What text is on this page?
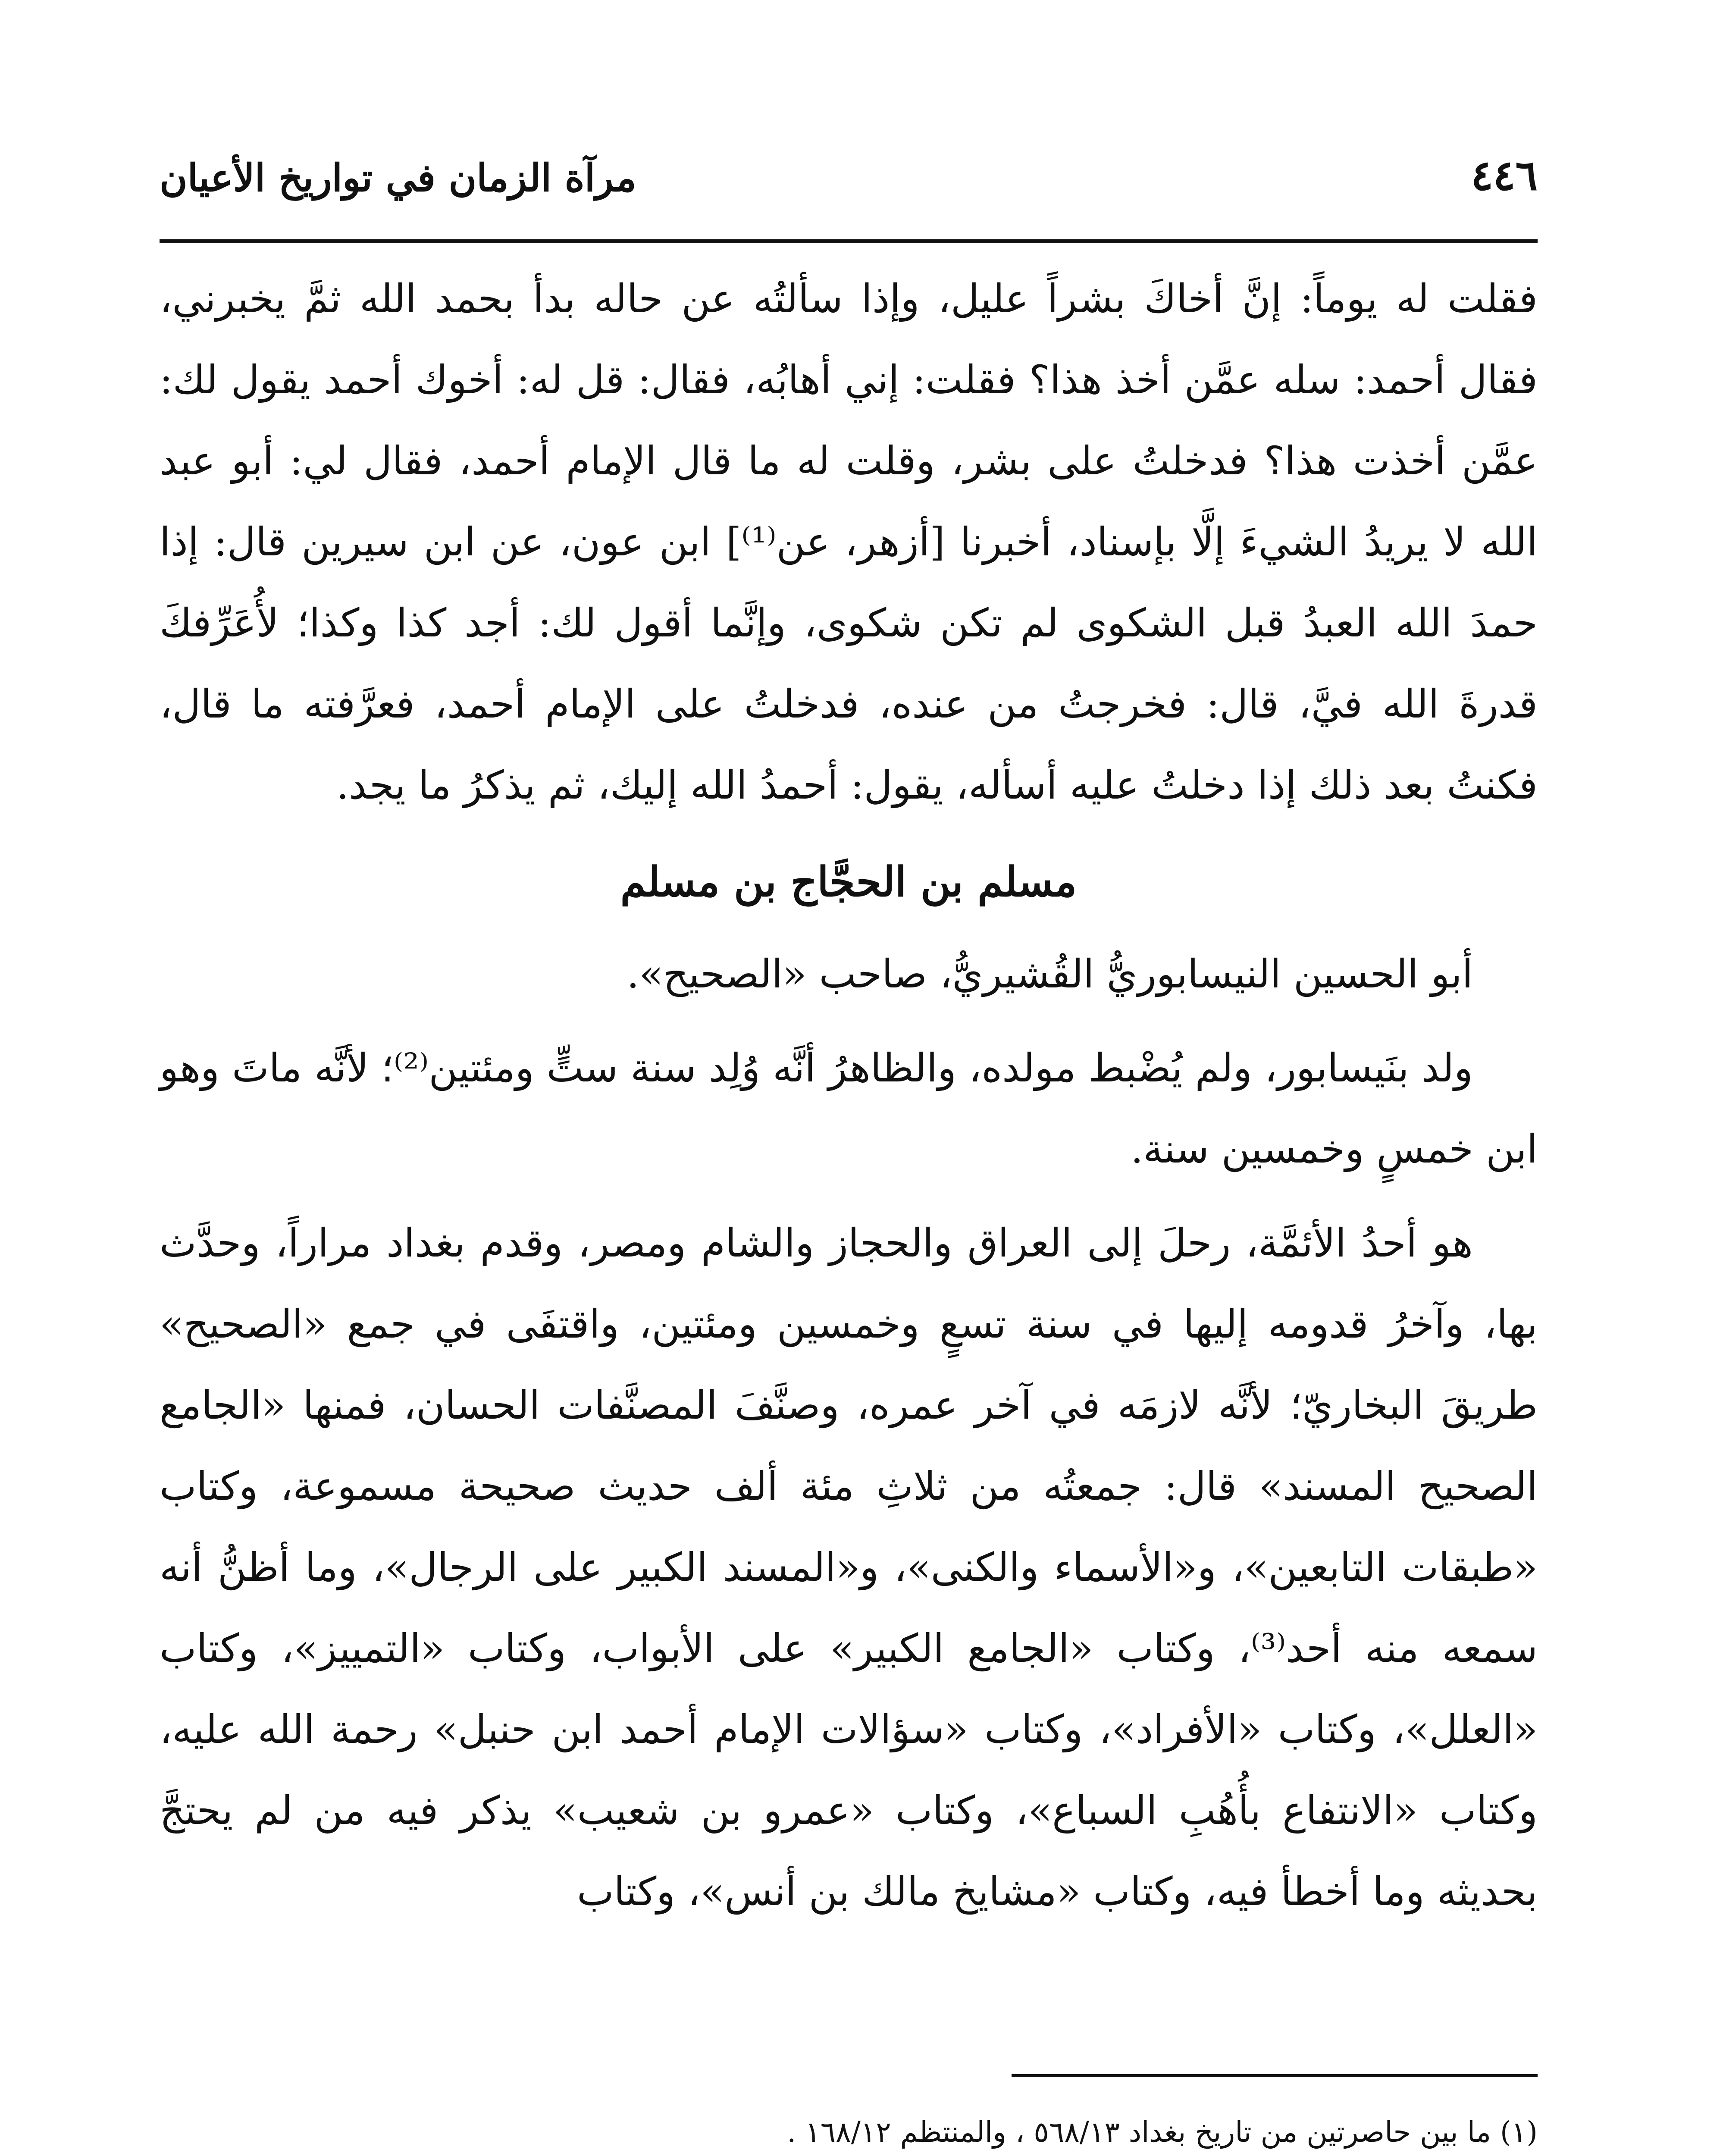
٤٤٦
مرآة الزمان في تواريخ الأعيان

فقلت له يوماً: إنَّ أخاكَ بشراً عليل، وإذا سألتُه عن حاله بدأ بحمد الله ثمَّ يخبرني، فقال أحمد: سله عمَّن أخذ هذا؟ فقلت: إني أهابُه، فقال: قل له: أخوك أحمد يقول لك: عمَّن أخذت هذا؟ فدخلتُ على بشر، وقلت له ما قال الإمام أحمد، فقال لي: أبو عبد الله لا يريدُ الشيءَ إلَّا بإسناد، أخبرنا [أزهر، عن⁽¹⁾] ابن عون، عن ابن سيرين قال: إذا حمدَ الله العبدُ قبل الشكوى لم تكن شكوى، وإنَّما أقول لك: أجد كذا وكذا؛ لأُعَرِّفكَ قدرةَ الله فيَّ، قال: فخرجتُ من عنده، فدخلتُ على الإمام أحمد، فعرَّفته ما قال، فكنتُ بعد ذلك إذا دخلتُ عليه أسأله، يقول: أحمدُ الله إليك، ثم يذكرُ ما يجد.

مسلم بن الحجَّاج بن مسلم

أبو الحسين النيسابوريُّ القُشيريُّ، صاحب «الصحيح».

ولد بنَيسابور، ولم يُضْبط مولده، والظاهرُ أنَّه وُلِد سنة ستٍّ ومئتين⁽²⁾؛ لأنَّه ماتَ وهو ابن خمسٍ وخمسين سنة.

هو أحدُ الأئمَّة، رحلَ إلى العراق والحجاز والشام ومصر، وقدم بغداد مراراً، وحدَّث بها، وآخرُ قدومه إليها في سنة تسعٍ وخمسين ومئتين، واقتفَى في جمع «الصحيح» طريقَ البخاريّ؛ لأنَّه لازمَه في آخر عمره، وصنَّفَ المصنَّفات الحسان، فمنها «الجامع الصحيح المسند» قال: جمعتُه من ثلاثِ مئة ألف حديث صحيحة مسموعة، وكتاب «طبقات التابعين»، و«الأسماء والكنى»، و«المسند الكبير على الرجال»، وما أظنُّ أنه سمعه منه أحد⁽³⁾، وكتاب «الجامع الكبير» على الأبواب، وكتاب «التمييز»، وكتاب «العلل»، وكتاب «الأفراد»، وكتاب «سؤالات الإمام أحمد ابن حنبل» رحمة الله عليه، وكتاب «الانتفاع بأُهُبِ السباع»، وكتاب «عمرو بن شعيب» يذكر فيه من لم يحتجَّ بحديثه وما أخطأ فيه، وكتاب «مشايخ مالك بن أنس»، وكتاب

(١) ما بين حاصرتين من تاريخ بغداد ٥٦٨/١٣ ، والمنتظم ١٦٨/١٢ .
